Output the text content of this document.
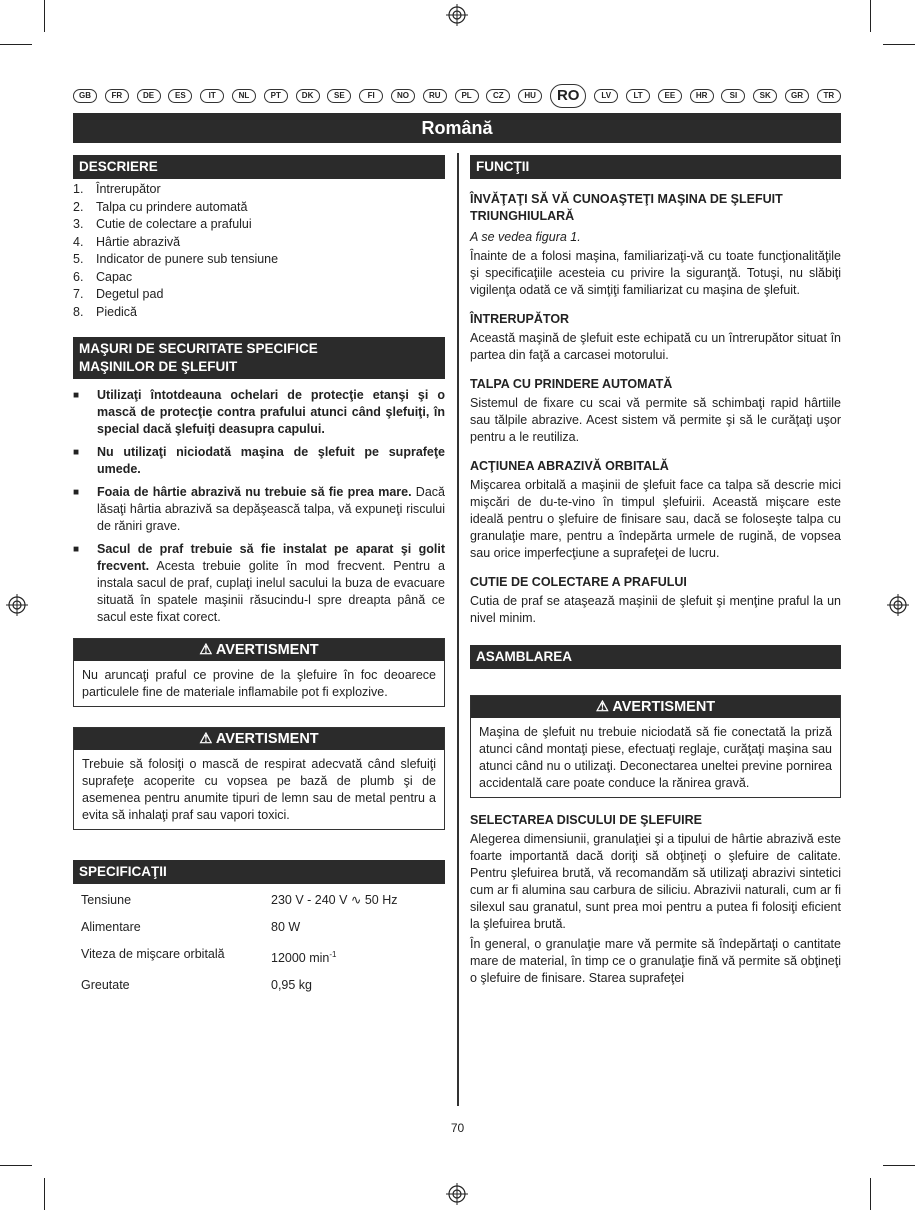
GB	FR	DE	ES	IT	NL	PT	DK	SE	FI	NO	RU	PL	CZ	HU	RO	LV	LT	EE	HR	SI	SK	GR	TR
Română
DESCRIERE
1.	Întrerupător
2.	Talpa cu prindere automată
3.	Cutie de colectare a prafului
4.	Hârtie abrazivă
5.	Indicator de punere sub tensiune
6.	Capac
7.	Degetul pad
8.	Piedică
MAŞURI DE SECURITATE SPECIFICE
MAŞINILOR DE ŞLEFUIT
■	Utilizaţi întotdeauna ochelari de protecţie etanşi şi o mască de protecţie contra prafului atunci când şlefuiţi, în special dacă şlefuiţi deasupra capului.
■	Nu utilizaţi niciodată maşina de şlefuit pe suprafeţe umede.
■	Foaia de hârtie abrazivă nu trebuie să fie prea mare. Dacă lăsaţi hârtia abrazivă sa depăşească talpa, vă expuneţi riscului de răniri grave.
■	Sacul de praf trebuie să fie instalat pe aparat şi golit frecvent. Acesta trebuie golite în mod frecvent. Pentru a instala sacul de praf, cuplaţi inelul sacului la buza de evacuare situată în spatele maşinii răsucindu-l spre dreapta până ce sacul este fixat corect.
⚠ AVERTISMENT
Nu aruncaţi praful ce provine de la şlefuire în foc deoarece particulele fine de materiale inflamabile pot fi explozive.
⚠ AVERTISMENT
Trebuie să folosiţi o mască de respirat adecvată când slefuiţi suprafeţe acoperite cu vopsea pe bază de plumb şi de asemenea pentru anumite tipuri de lemn sau de metal pentru a evita să inhalaţi praf sau vapori toxici.
SPECIFICAŢII
Tensiune	230 V - 240 V ∿ 50 Hz
Alimentare	80 W
Viteza de mişcare orbitală	12000 $\min^{-1}$
Greutate	0,95 kg
FUNCŢII
ÎNVĂŢAŢI SĂ VĂ CUNOAŞTEŢI MAŞINA DE ŞLEFUIT TRIUNGHIULARĂ
A se vedea figura 1.
Înainte de a folosi maşina, familiarizaţi-vă cu toate funcţionalităţile şi specificaţiile acesteia cu privire la siguranţă. Totuşi, nu slăbiţi vigilenţa odată ce vă simţiţi familiarizat cu maşina de şlefuit.
ÎNTRERUPĂTOR
Această maşină de şlefuit este echipată cu un întrerupător situat în partea din faţă a carcasei motorului.
TALPA CU PRINDERE AUTOMATĂ
Sistemul de fixare cu scai vă permite să schimbaţi rapid hârtiile sau tălpile abrazive. Acest sistem vă permite şi să le curăţaţi uşor pentru a le reutiliza.
ACŢIUNEA ABRAZIVĂ ORBITALĂ
Mişcarea orbitală a maşinii de şlefuit face ca talpa să descrie mici mişcări de du-te-vino în timpul şlefuirii. Această mişcare este ideală pentru o şlefuire de finisare sau, dacă se foloseşte talpa cu granulaţie mare, pentru a îndepărta urmele de rugină, de vopsea sau orice imperfecţiune a suprafeţei de lucru.
CUTIE DE COLECTARE A PRAFULUI
Cutia de praf se ataşează maşinii de şlefuit şi menţine praful la un nivel minim.
ASAMBLAREA
⚠ AVERTISMENT
Maşina de şlefuit nu trebuie niciodată să fie conectată la priză atunci când montaţi piese, efectuaţi reglaje, curăţaţi maşina sau atunci când nu o utilizaţi. Deconectarea uneltei previne pornirea accidentală care poate conduce la rănirea gravă.
SELECTAREA DISCULUI DE ŞLEFUIRE
Alegerea dimensiunii, granulaţiei şi a tipului de hârtie abrazivă este foarte importantă dacă doriţi să obţineţi o şlefuire de calitate. Pentru şlefuirea brută, vă recomandăm să utilizaţi abrazivi sintetici cum ar fi alumina sau carbura de siliciu. Abrazivii naturali, cum ar fi silexul sau granatul, sunt prea moi pentru a putea fi folosiţi eficient la şlefuirea brută.
În general, o granulaţie mare vă permite să îndepărtaţi o cantitate mare de material, în timp ce o granulaţie fină vă permite să obţineţi o şlefuire de finisare. Starea suprafeţei
70
